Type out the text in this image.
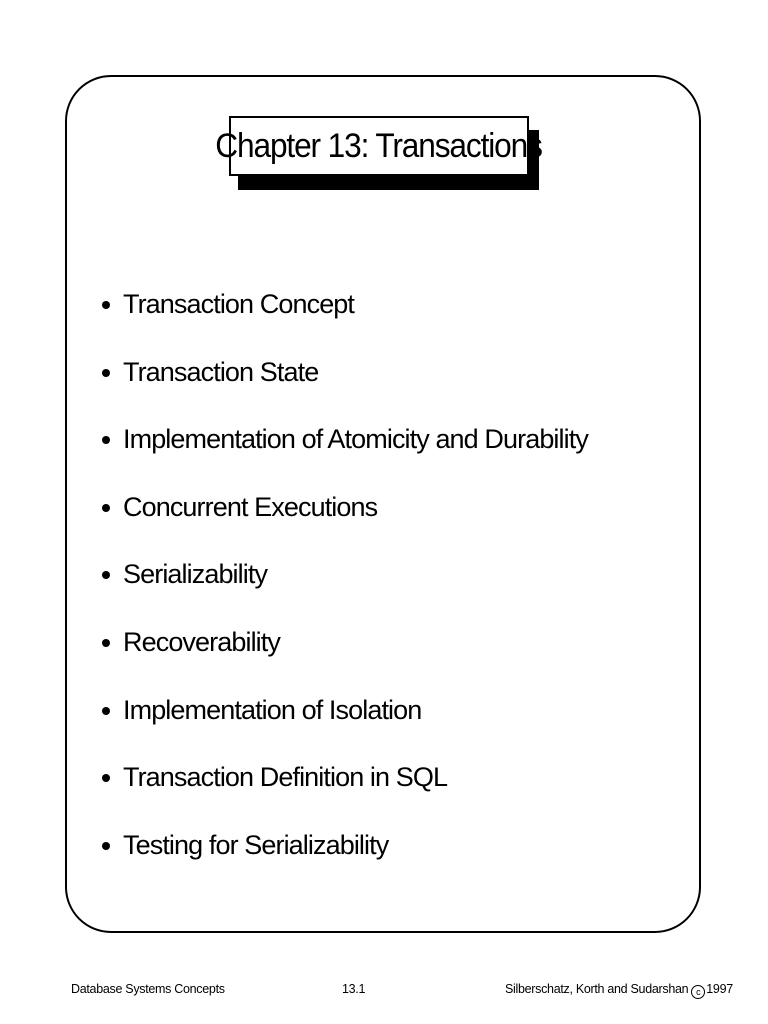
Chapter 13: Transactions
Transaction Concept
Transaction State
Implementation of Atomicity and Durability
Concurrent Executions
Serializability
Recoverability
Implementation of Isolation
Transaction Definition in SQL
Testing for Serializability
Database Systems Concepts	13.1	Silberschatz, Korth and Sudarshan c 1997
